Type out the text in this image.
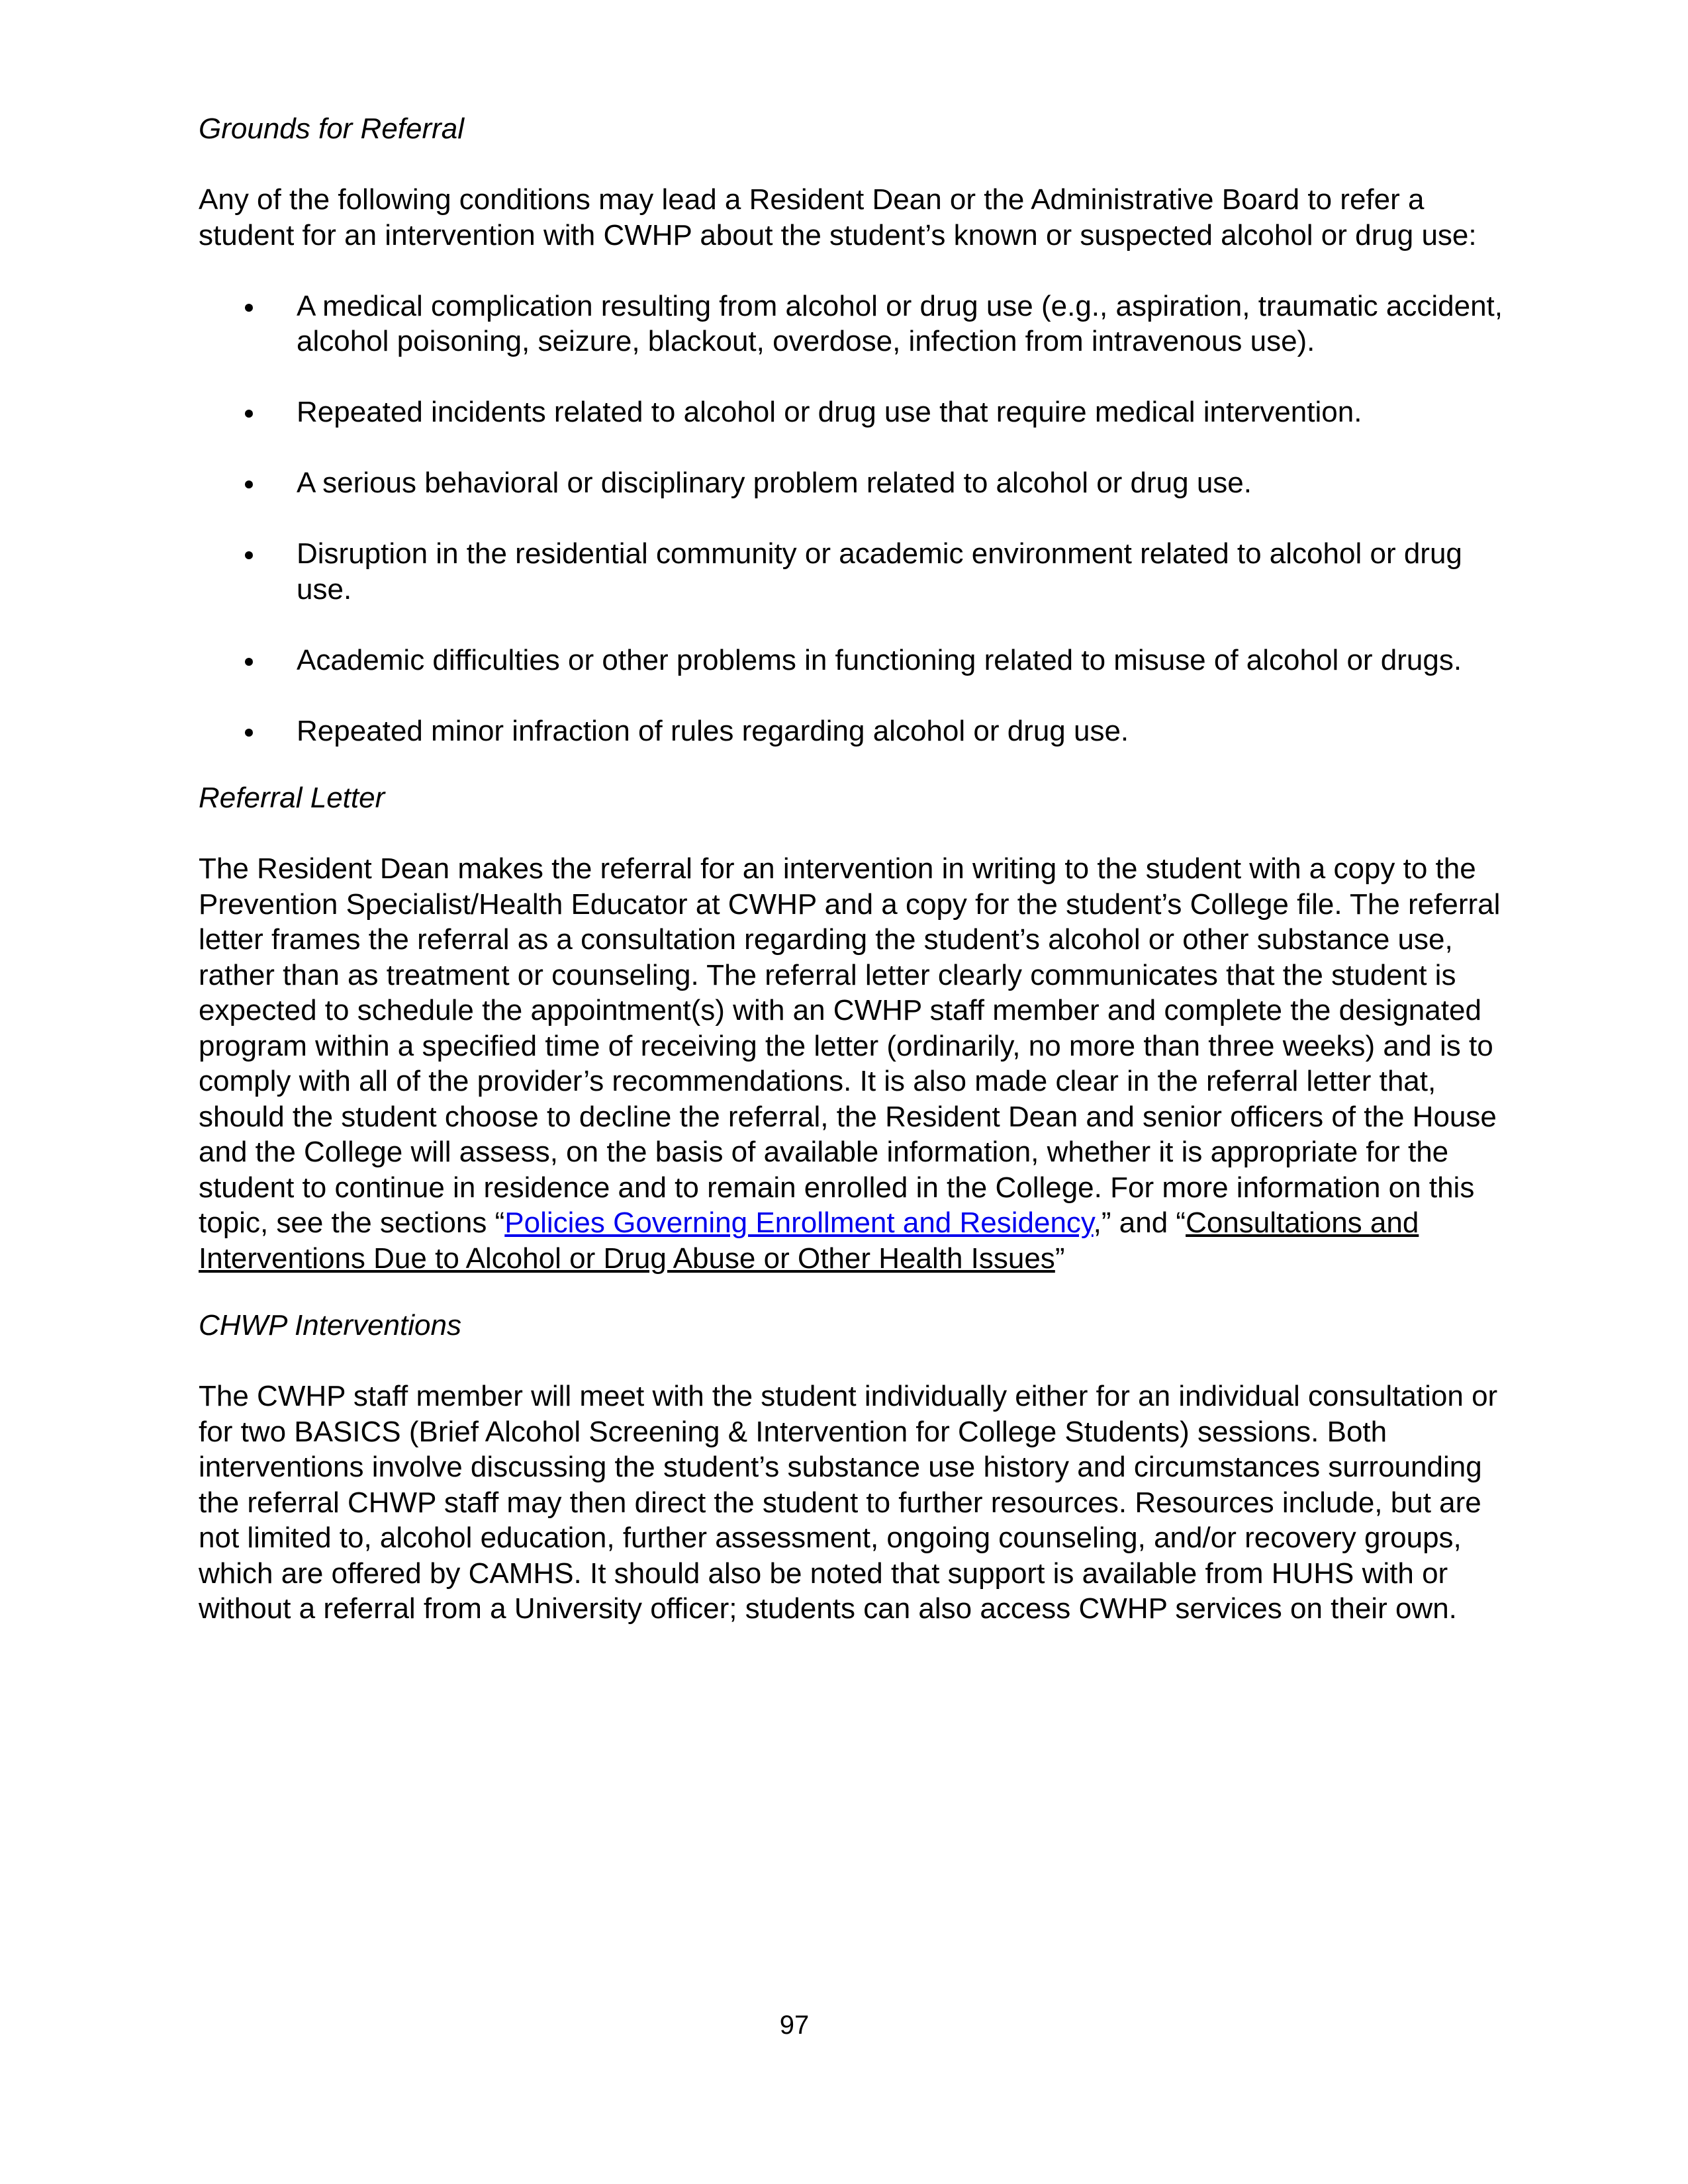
Grounds for Referral

Any of the following conditions may lead a Resident Dean or the Administrative Board to refer a student for an intervention with CWHP about the student’s known or suspected alcohol or drug use:

A medical complication resulting from alcohol or drug use (e.g., aspiration, traumatic accident, alcohol poisoning, seizure, blackout, overdose, infection from intravenous use).
Repeated incidents related to alcohol or drug use that require medical intervention.
A serious behavioral or disciplinary problem related to alcohol or drug use.
Disruption in the residential community or academic environment related to alcohol or drug use.
Academic difficulties or other problems in functioning related to misuse of alcohol or drugs.
Repeated minor infraction of rules regarding alcohol or drug use.

Referral Letter

The Resident Dean makes the referral for an intervention in writing to the student with a copy to the Prevention Specialist/Health Educator at CWHP and a copy for the student’s College file. The referral letter frames the referral as a consultation regarding the student’s alcohol or other substance use, rather than as treatment or counseling. The referral letter clearly communicates that the student is expected to schedule the appointment(s) with an CWHP staff member and complete the designated program within a specified time of receiving the letter (ordinarily, no more than three weeks) and is to comply with all of the provider’s recommendations. It is also made clear in the referral letter that, should the student choose to decline the referral, the Resident Dean and senior officers of the House and the College will assess, on the basis of available information, whether it is appropriate for the student to continue in residence and to remain enrolled in the College. For more information on this topic, see the sections “Policies Governing Enrollment and Residency,” and “Consultations and Interventions Due to Alcohol or Drug Abuse or Other Health Issues”

CHWP Interventions

The CWHP staff member will meet with the student individually either for an individual consultation or for two BASICS (Brief Alcohol Screening & Intervention for College Students) sessions. Both interventions involve discussing the student’s substance use history and circumstances surrounding the referral CHWP staff may then direct the student to further resources. Resources include, but are not limited to, alcohol education, further assessment, ongoing counseling, and/or recovery groups, which are offered by CAMHS. It should also be noted that support is available from HUHS with or without a referral from a University officer; students can also access CWHP services on their own.

97
